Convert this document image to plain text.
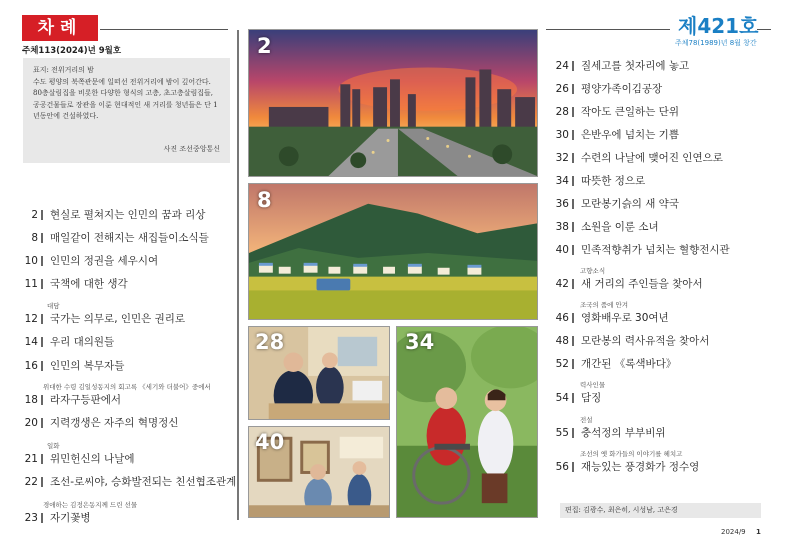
차례
주체113(2024)년 9월호
제421호
주체78(1989)년 8월 창간
표지: 전위거리의 밤
수도 평양의 북쪽관문에 일떠선 전위거리에 밤이 깊어간다.
80층살림집을 비롯한 다양한 형식의 고층, 초고층살림집들, 공공건물들로 장관을 이룬 현대적인 새 거리를 청년들은 단 1년동안에 건설하였다.
사진 조선중앙통신
대담
위대한 수령 김일성동지의 회고록 《세기와 더불어》중에서
일화
경애하는 김정은동지께 드린 선물
2 현실로 펼쳐지는 인민의 꿈과 리상
8 매일같이 전해지는 새집들이소식들
10 인민의 정권을 세우시여
11 국책에 대한 생각
12 국가는 의무로, 인민은 권리로
14 우리 대의원들
16 인민의 복무자들
18 라자구등판에서
20 지력갱생은 자주의 혁명정신
21 위민헌신의 나날에
22 조선-로씨야, 승화발전되는 친선협조관계
23 자기꽃병
2
8
28
40
34
고향소식
조국의 품에 안겨
력사인물
전설
조선의 옛 화가들의 이야기를 헤치고
24 질세고를 첫자리에 놓고
26 평양가족이김공장
28 작아도 큰일하는 단위
30 은반우에 넘치는 기쁨
32 수련의 나날에 맺어진 인연으로
34 따뜻한 정으로
36 모란봉기슭의 새 약국
38 소원을 이룬 소녀
40 민족적향취가 넘치는 혈향전시관
42 새 거리의 주인들을 찾아서
46 영화배우로 30여년
48 모란봉의 력사유적을 찾아서
52 개간된 《록색바다》
54 담징
55 충석정의 부부비위
56 재능있는 풍경화가 정수영
편집: 김광수, 최은히, 시성남, 고은경
2024/9 1
